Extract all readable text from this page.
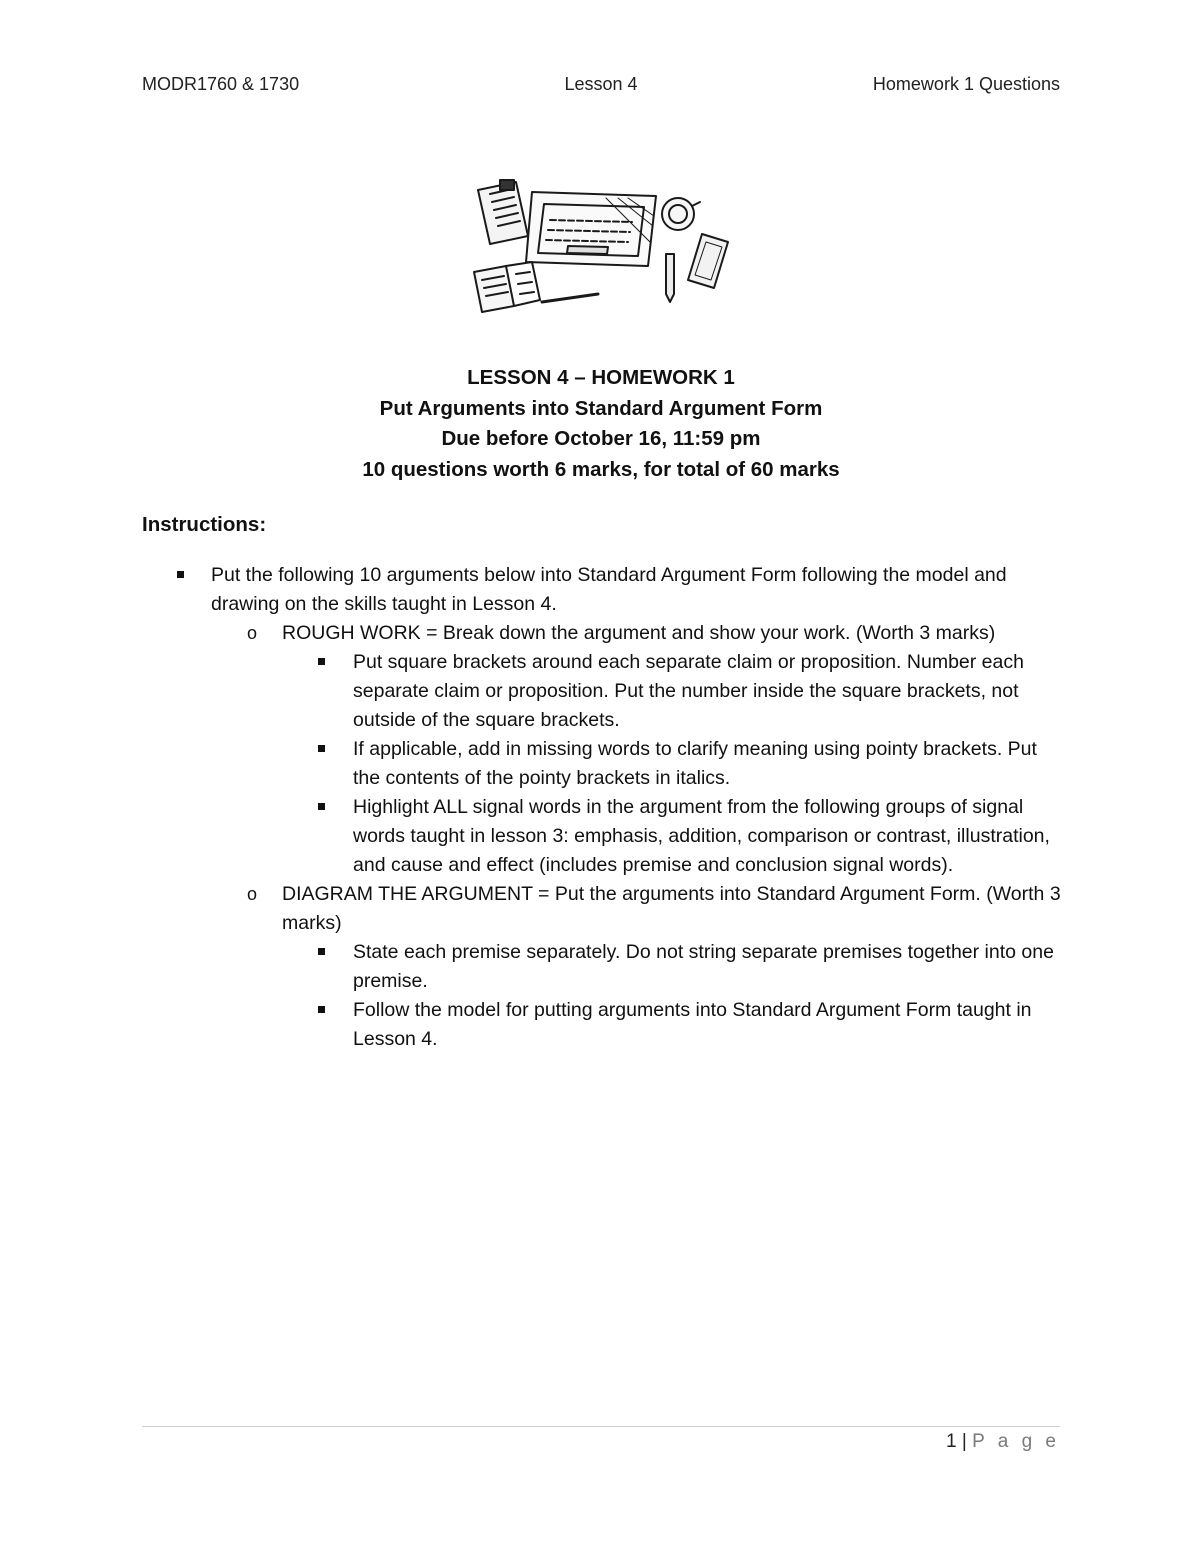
MODR1760 & 1730	Lesson 4	Homework 1 Questions
LESSON 4 – HOMEWORK 1
Put Arguments into Standard Argument Form
Due before October 16, 11:59 pm
10 questions worth 6 marks, for total of 60 marks
Instructions:
Put the following 10 arguments below into Standard Argument Form following the model and drawing on the skills taught in Lesson 4.
o ROUGH WORK = Break down the argument and show your work. (Worth 3 marks)
Put square brackets around each separate claim or proposition. Number each separate claim or proposition. Put the number inside the square brackets, not outside of the square brackets.
If applicable, add in missing words to clarify meaning using pointy brackets. Put the contents of the pointy brackets in italics.
Highlight ALL signal words in the argument from the following groups of signal words taught in lesson 3: emphasis, addition, comparison or contrast, illustration, and cause and effect (includes premise and conclusion signal words).
o DIAGRAM THE ARGUMENT = Put the arguments into Standard Argument Form. (Worth 3 marks)
State each premise separately. Do not string separate premises together into one premise.
Follow the model for putting arguments into Standard Argument Form taught in Lesson 4.
1 | P a g e
